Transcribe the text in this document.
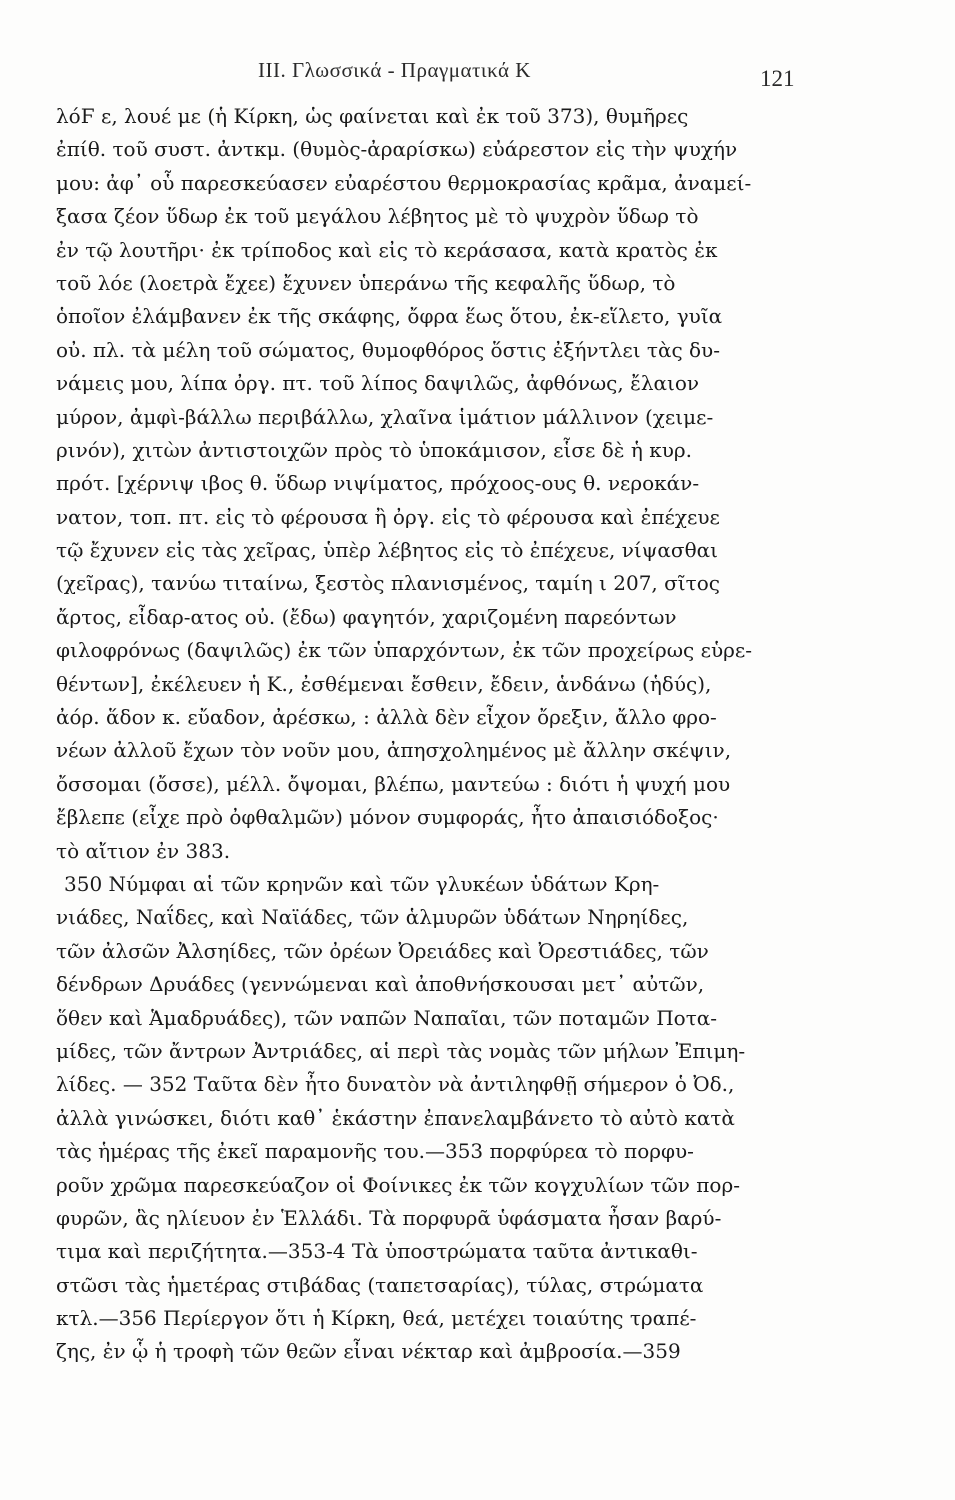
III. Γλωσσικά - Πραγματικά Κ	121
λόϜ ε, λουέ με (ἡ Κίρκη, ὡς φαίνεται καὶ ἐκ τοῦ 373), θυμῆρες
ἐπίθ. τοῦ συστ. ἀντκμ. (θυμὸς-ἀραρίσκω) εὐάρεστον εἰς τὴν ψυχήν
μου: ἀφ᾽ οὗ παρεσκεύασεν εὐαρέστου θερμοκρασίας κρᾶμα, ἀναμεί-
ξασα ζέον ὕδωρ ἐκ τοῦ μεγάλου λέβητος μὲ τὸ ψυχρὸν ὕδωρ τὸ
ἐν τῷ λουτῆρι· ἐκ τρίποδος καὶ εἰς τὸ κεράσασα, κατὰ κρατὸς ἐκ
τοῦ λόε (λοετρὰ ἔχεε) ἔχυνεν ὑπεράνω τῆς κεφαλῆς ὕδωρ, τὸ
ὁποῖον ἐλάμβανεν ἐκ τῆς σκάφης, ὄφρα ἕως ὅτου, ἐκ-εἵλετο, γυῖα
οὐ. πλ. τὰ μέλη τοῦ σώματος, θυμοφθόρος ὅστις ἐξήντλει τὰς δυ-
νάμεις μου, λίπα ὀργ. πτ. τοῦ λίπος δαψιλῶς, ἀφθόνως, ἔλαιον
μύρον, ἀμφὶ-βάλλω περιβάλλω, χλαῖνα ἱμάτιον μάλλινον (χειμε-
ρινόν), χιτὼν ἀντιστοιχῶν πρὸς τὸ ὑποκάμισον, εἷσε δὲ ἡ κυρ.
πρότ. [χέρνιψ ιβος θ. ὕδωρ νιψίματος, πρόχοος-ους θ. νεροκάν-
νατον, τοπ. πτ. εἰς τὸ φέρουσα ἢ ὀργ. εἰς τὸ φέρουσα καὶ ἐπέχευε
τῷ ἔχυνεν εἰς τὰς χεῖρας, ὑπὲρ λέβητος εἰς τὸ ἐπέχευε, νίψασθαι
(χεῖρας), τανύω τιταίνω, ξεστὸς πλανισμένος, ταμίη ι 207, σῖτος
ἄρτος, εἶδαρ-ατος οὐ. (ἔδω) φαγητόν, χαριζομένη παρεόντων
φιλοφρόνως (δαψιλῶς) ἐκ τῶν ὑπαρχόντων, ἐκ τῶν προχείρως εὑρε-
θέντων], ἐκέλευεν ἡ Κ., ἐσθέμεναι ἔσθειν, ἔδειν, ἁνδάνω (ἡδύς),
ἀόρ. ἅδον κ. εὔαδον, ἀρέσκω, : ἀλλὰ δὲν εἶχον ὄρεξιν, ἄλλο φρο-
νέων ἀλλοῦ ἔχων τὸν νοῦν μου, ἀπησχολημένος μὲ ἄλλην σκέψιν,
ὄσσομαι (ὄσσε), μέλλ. ὄψομαι, βλέπω, μαντεύω : διότι ἡ ψυχή μου
ἔβλεπε (εἶχε πρὸ ὀφθαλμῶν) μόνον συμφοράς, ἦτο ἀπαισιόδοξος·
τὸ αἴτιον ἐν 383.
350 Νύμφαι αἱ τῶν κρηνῶν καὶ τῶν γλυκέων ὑδάτων Κρη-
νιάδες, Ναΐδες, καὶ Ναϊάδες, τῶν ἁλμυρῶν ὑδάτων Νηρηίδες,
τῶν ἀλσῶν Ἀλσηίδες, τῶν ὀρέων Ὀρειάδες καὶ Ὀρεστιάδες, τῶν
δένδρων Δρυάδες (γεννώμεναι καὶ ἀποθνήσκουσαι μετ᾽ αὐτῶν,
ὅθεν καὶ Ἁμαδρυάδες), τῶν ναπῶν Ναπαῖαι, τῶν ποταμῶν Ποτα-
μίδες, τῶν ἄντρων Ἀντριάδες, αἱ περὶ τὰς νομὰς τῶν μήλων Ἐπιμη-
λίδες. — 352 Ταῦτα δὲν ἦτο δυνατὸν νὰ ἀντιληφθῇ σήμερον ὁ Ὀδ.,
ἀλλὰ γινώσκει, διότι καθ᾽ ἑκάστην ἐπανελαμβάνετο τὸ αὐτὸ κατὰ
τὰς ἡμέρας τῆς ἐκεῖ παραμονῆς του.—353 πορφύρεα τὸ πορφυ-
ροῦν χρῶμα παρεσκεύαζον οἱ Φοίνικες ἐκ τῶν κογχυλίων τῶν πορ-
φυρῶν, ἃς ηλίευον ἐν Ἑλλάδι. Τὰ πορφυρᾶ ὑφάσματα ἦσαν βαρύ-
τιμα καὶ περιζήτητα.—353-4 Τὰ ὑποστρώματα ταῦτα ἀντικαθι-
στῶσι τὰς ἡμετέρας στιβάδας (ταπετσαρίας), τύλας, στρώματα
κτλ.—356 Περίεργον ὅτι ἡ Κίρκη, θεά, μετέχει τοιαύτης τραπέ-
ζης, ἐν ᾧ ἡ τροφὴ τῶν θεῶν εἶναι νέκταρ καὶ ἀμβροσία.—359
